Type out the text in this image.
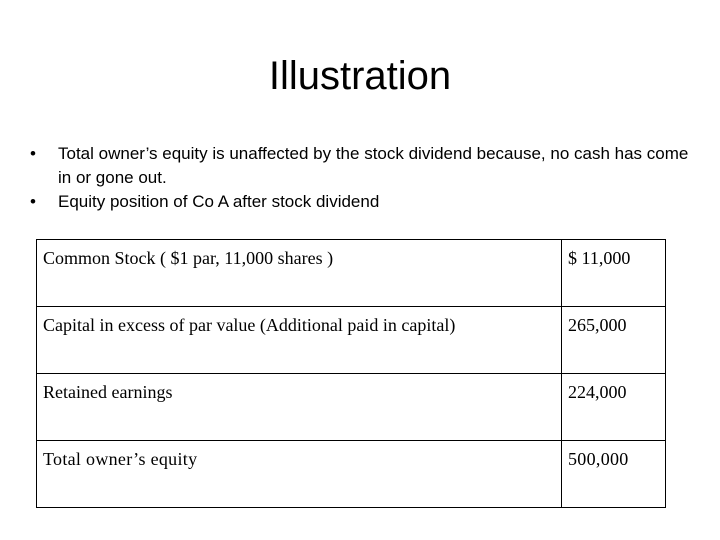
Illustration
• Total owner’s equity is unaffected by the stock dividend because, no cash has come in or gone out.
• Equity position of Co A after stock dividend
Common Stock ( $1 par, 11,000 shares )	$ 11,000
Capital in excess of par value (Additional paid in capital)	265,000
Retained earnings	224,000
Total owner’s equity	500,000
